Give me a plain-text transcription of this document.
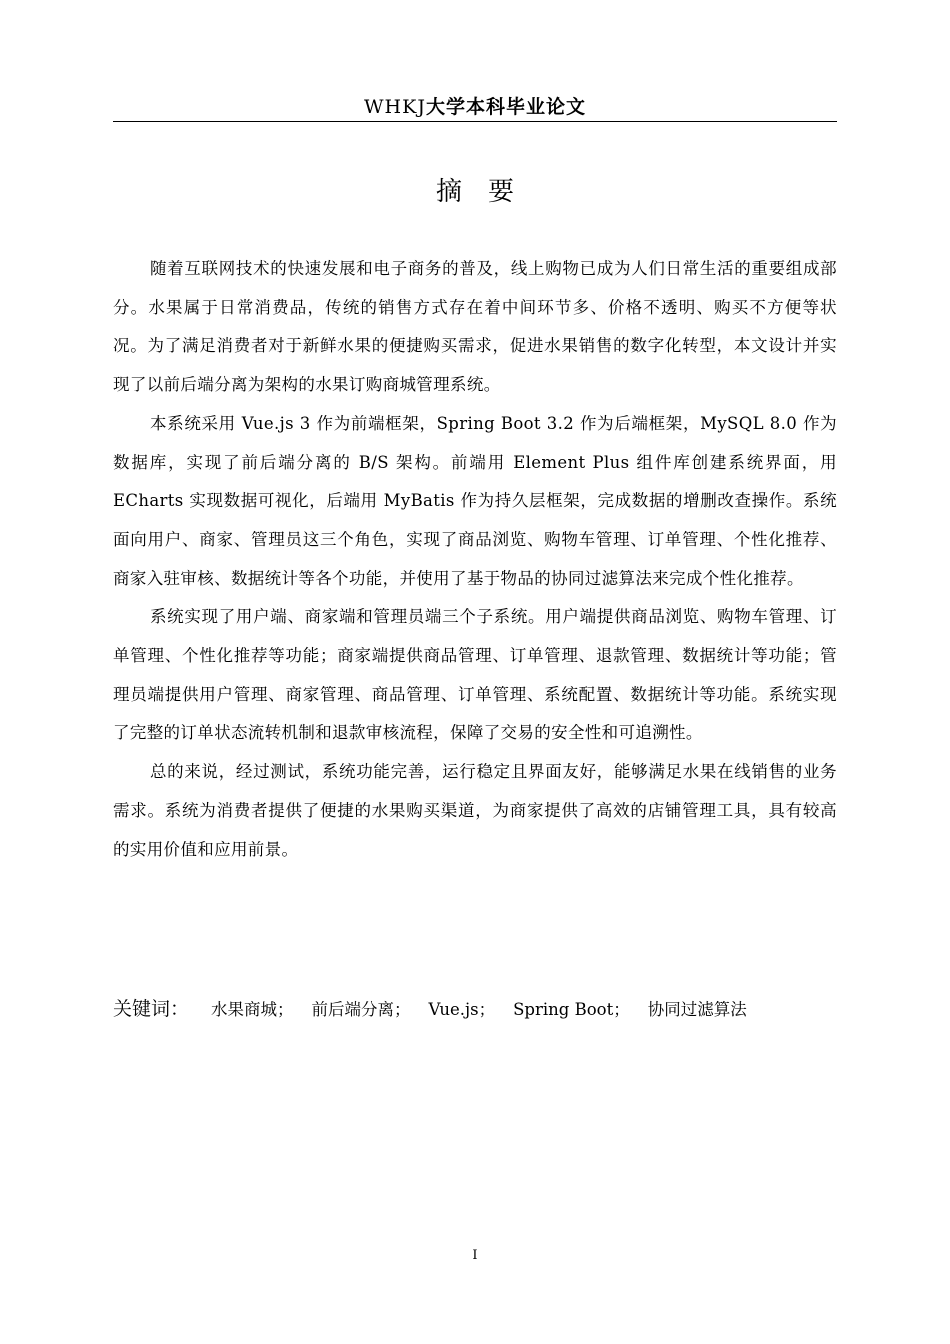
WHKJ大学本科毕业论文
摘要

随着互联网技术的快速发展和电子商务的普及，线上购物已成为人们日常生活的重要组成部分。水果属于日常消费品，传统的销售方式存在着中间环节多、价格不透明、购买不方便等状况。为了满足消费者对于新鲜水果的便捷购买需求，促进水果销售的数字化转型，本文设计并实现了以前后端分离为架构的水果订购商城管理系统。

本系统采用 Vue.js 3 作为前端框架，Spring Boot 3.2 作为后端框架，MySQL 8.0 作为数据库，实现了前后端分离的 B/S 架构。前端用 Element Plus 组件库创建系统界面，用 ECharts 实现数据可视化，后端用 MyBatis 作为持久层框架，完成数据的增删改查操作。系统面向用户、商家、管理员这三个角色，实现了商品浏览、购物车管理、订单管理、个性化推荐、商家入驻审核、数据统计等各个功能，并使用了基于物品的协同过滤算法来完成个性化推荐。

系统实现了用户端、商家端和管理员端三个子系统。用户端提供商品浏览、购物车管理、订单管理、个性化推荐等功能；商家端提供商品管理、订单管理、退款管理、数据统计等功能；管理员端提供用户管理、商家管理、商品管理、订单管理、系统配置、数据统计等功能。系统实现了完整的订单状态流转机制和退款审核流程，保障了交易的安全性和可追溯性。

总的来说，经过测试，系统功能完善，运行稳定且界面友好，能够满足水果在线销售的业务需求。系统为消费者提供了便捷的水果购买渠道，为商家提供了高效的店铺管理工具，具有较高的实用价值和应用前景。

关键词： 水果商城； 前后端分离； Vue.js； Spring Boot； 协同过滤算法
I
